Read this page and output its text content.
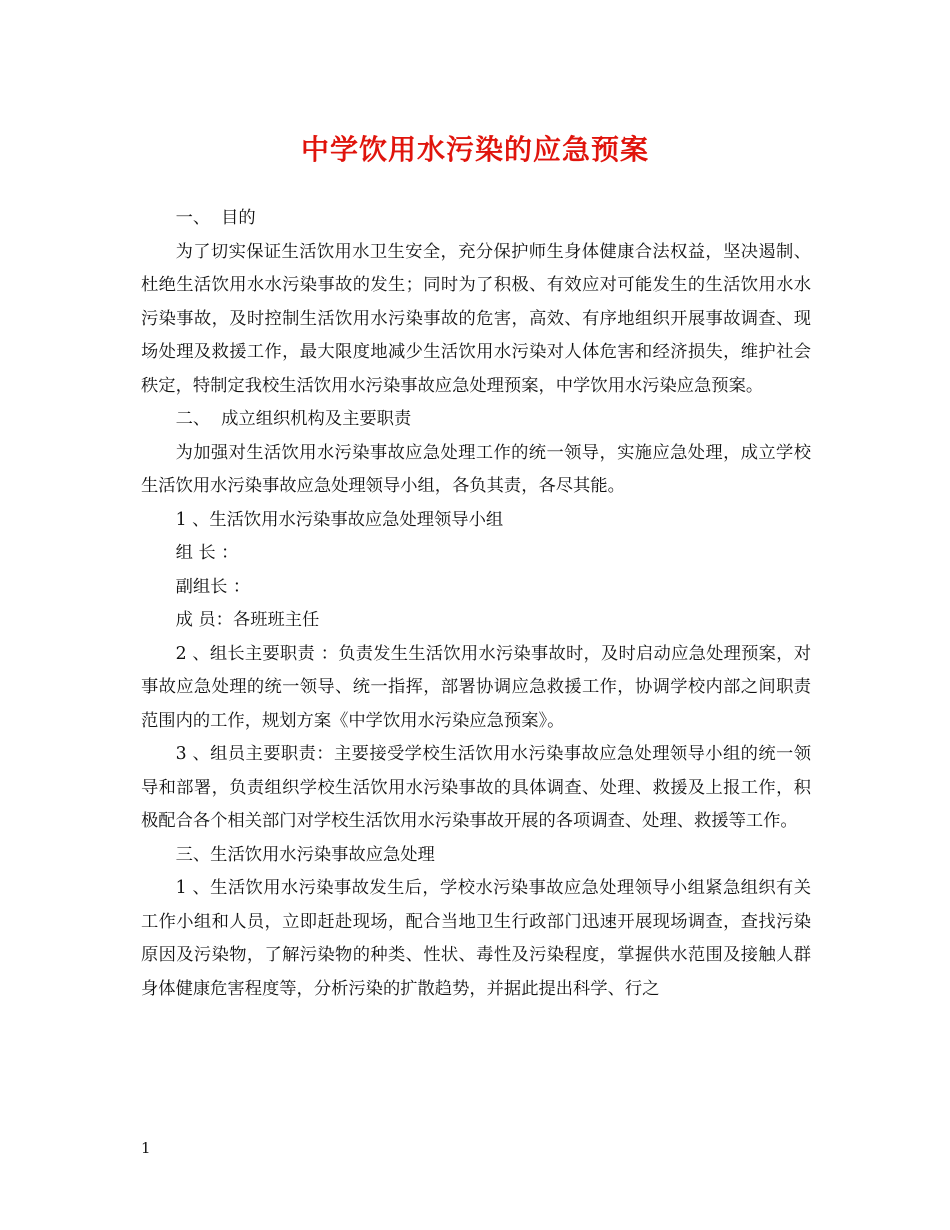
中学饮用水污染的应急预案

一、  目的

为了切实保证生活饮用水卫生安全，充分保护师生身体健康合法权益，坚决遏制、杜绝生活饮用水水污染事故的发生；同时为了积极、有效应对可能发生的生活饮用水水污染事故，及时控制生活饮用水污染事故的危害，高效、有序地组织开展事故调查、现场处理及救援工作，最大限度地减少生活饮用水污染对人体危害和经济损失，维护社会秩定，特制定我校生活饮用水污染事故应急处理预案，中学饮用水污染应急预案。

二、  成立组织机构及主要职责

为加强对生活饮用水污染事故应急处理工作的统一领导，实施应急处理，成立学校生活饮用水污染事故应急处理领导小组，各负其责，各尽其能。

1 、生活饮用水污染事故应急处理领导小组

组 长 ：

副组长 ：

成 员：各班班主任

2 、组长主要职责 ：负责发生生活饮用水污染事故时，及时启动应急处理预案，对事故应急处理的统一领导、统一指挥，部署协调应急救援工作，协调学校内部之间职责范围内的工作，规划方案《中学饮用水污染应急预案》。

3 、组员主要职责：主要接受学校生活饮用水污染事故应急处理领导小组的统一领导和部署，负责组织学校生活饮用水污染事故的具体调查、处理、救援及上报工作，积极配合各个相关部门对学校生活饮用水污染事故开展的各项调查、处理、救援等工作。

三、生活饮用水污染事故应急处理

1 、生活饮用水污染事故发生后，学校水污染事故应急处理领导小组紧急组织有关工作小组和人员，立即赶赴现场，配合当地卫生行政部门迅速开展现场调查，查找污染原因及污染物，了解污染物的种类、性状、毒性及污染程度，掌握供水范围及接触人群身体健康危害程度等，分析污染的扩散趋势，并据此提出科学、行之

1
